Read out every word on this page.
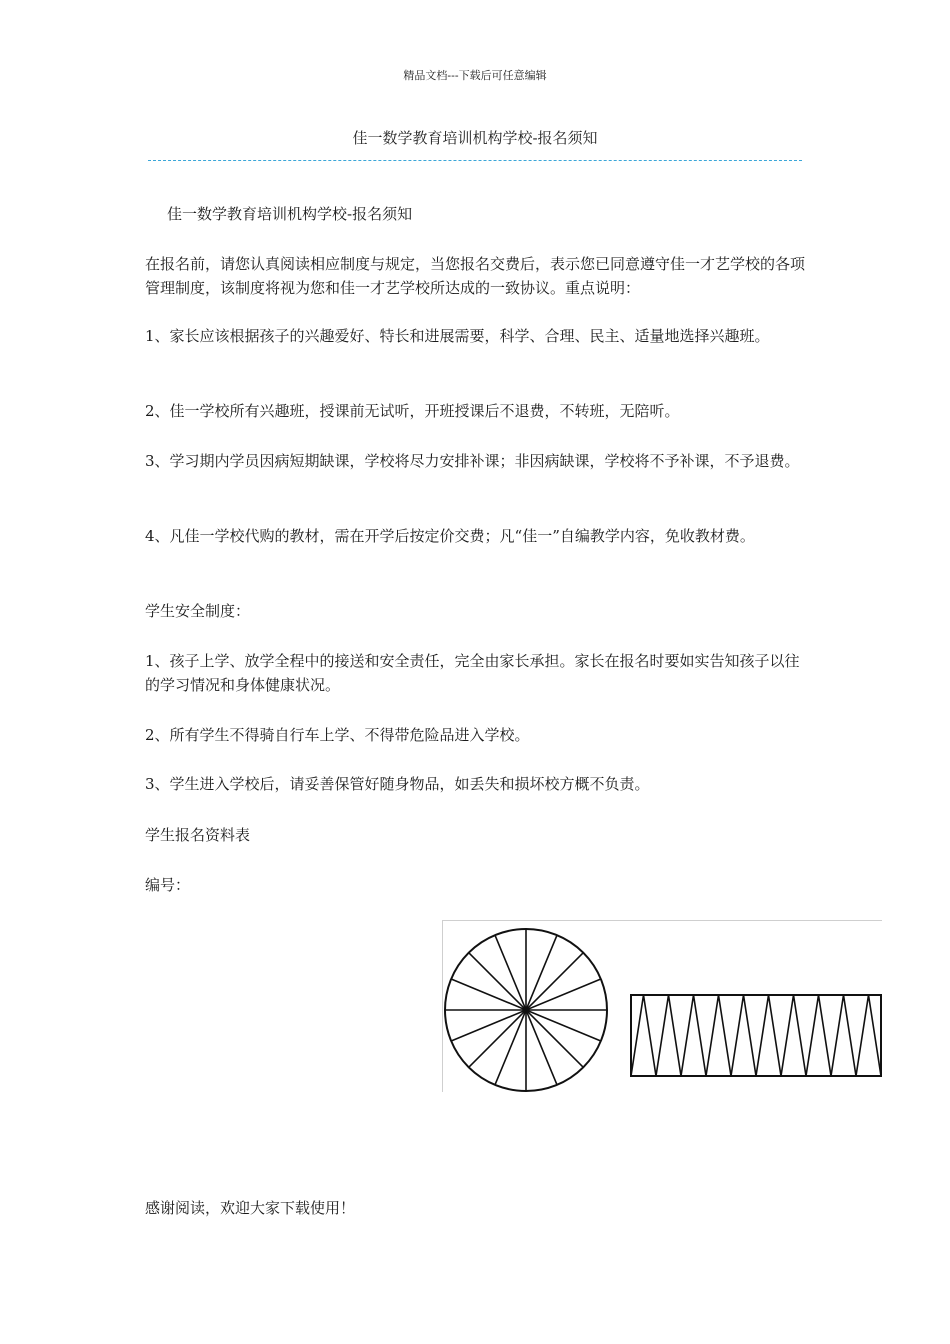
精品文档---下载后可任意编辑
佳一数学教育培训机构学校-报名须知

佳一数学教育培训机构学校-报名须知

在报名前，请您认真阅读相应制度与规定，当您报名交费后，表示您已同意遵守佳一才艺学校的各项管理制度，该制度将视为您和佳一才艺学校所达成的一致协议。重点说明：

1、家长应该根据孩子的兴趣爱好、特长和进展需要，科学、合理、民主、适量地选择兴趣班。

2、佳一学校所有兴趣班，授课前无试听，开班授课后不退费，不转班，无陪听。

3、学习期内学员因病短期缺课，学校将尽力安排补课；非因病缺课，学校将不予补课，不予退费。

4、凡佳一学校代购的教材，需在开学后按定价交费；凡“佳一”自编教学内容，免收教材费。

学生安全制度：

1、孩子上学、放学全程中的接送和安全责任，完全由家长承担。家长在报名时要如实告知孩子以往的学习情况和身体健康状况。

2、所有学生不得骑自行车上学、不得带危险品进入学校。

3、学生进入学校后，请妥善保管好随身物品，如丢失和损坏校方概不负责。

学生报名资料表

编号：

感谢阅读，欢迎大家下载使用！
